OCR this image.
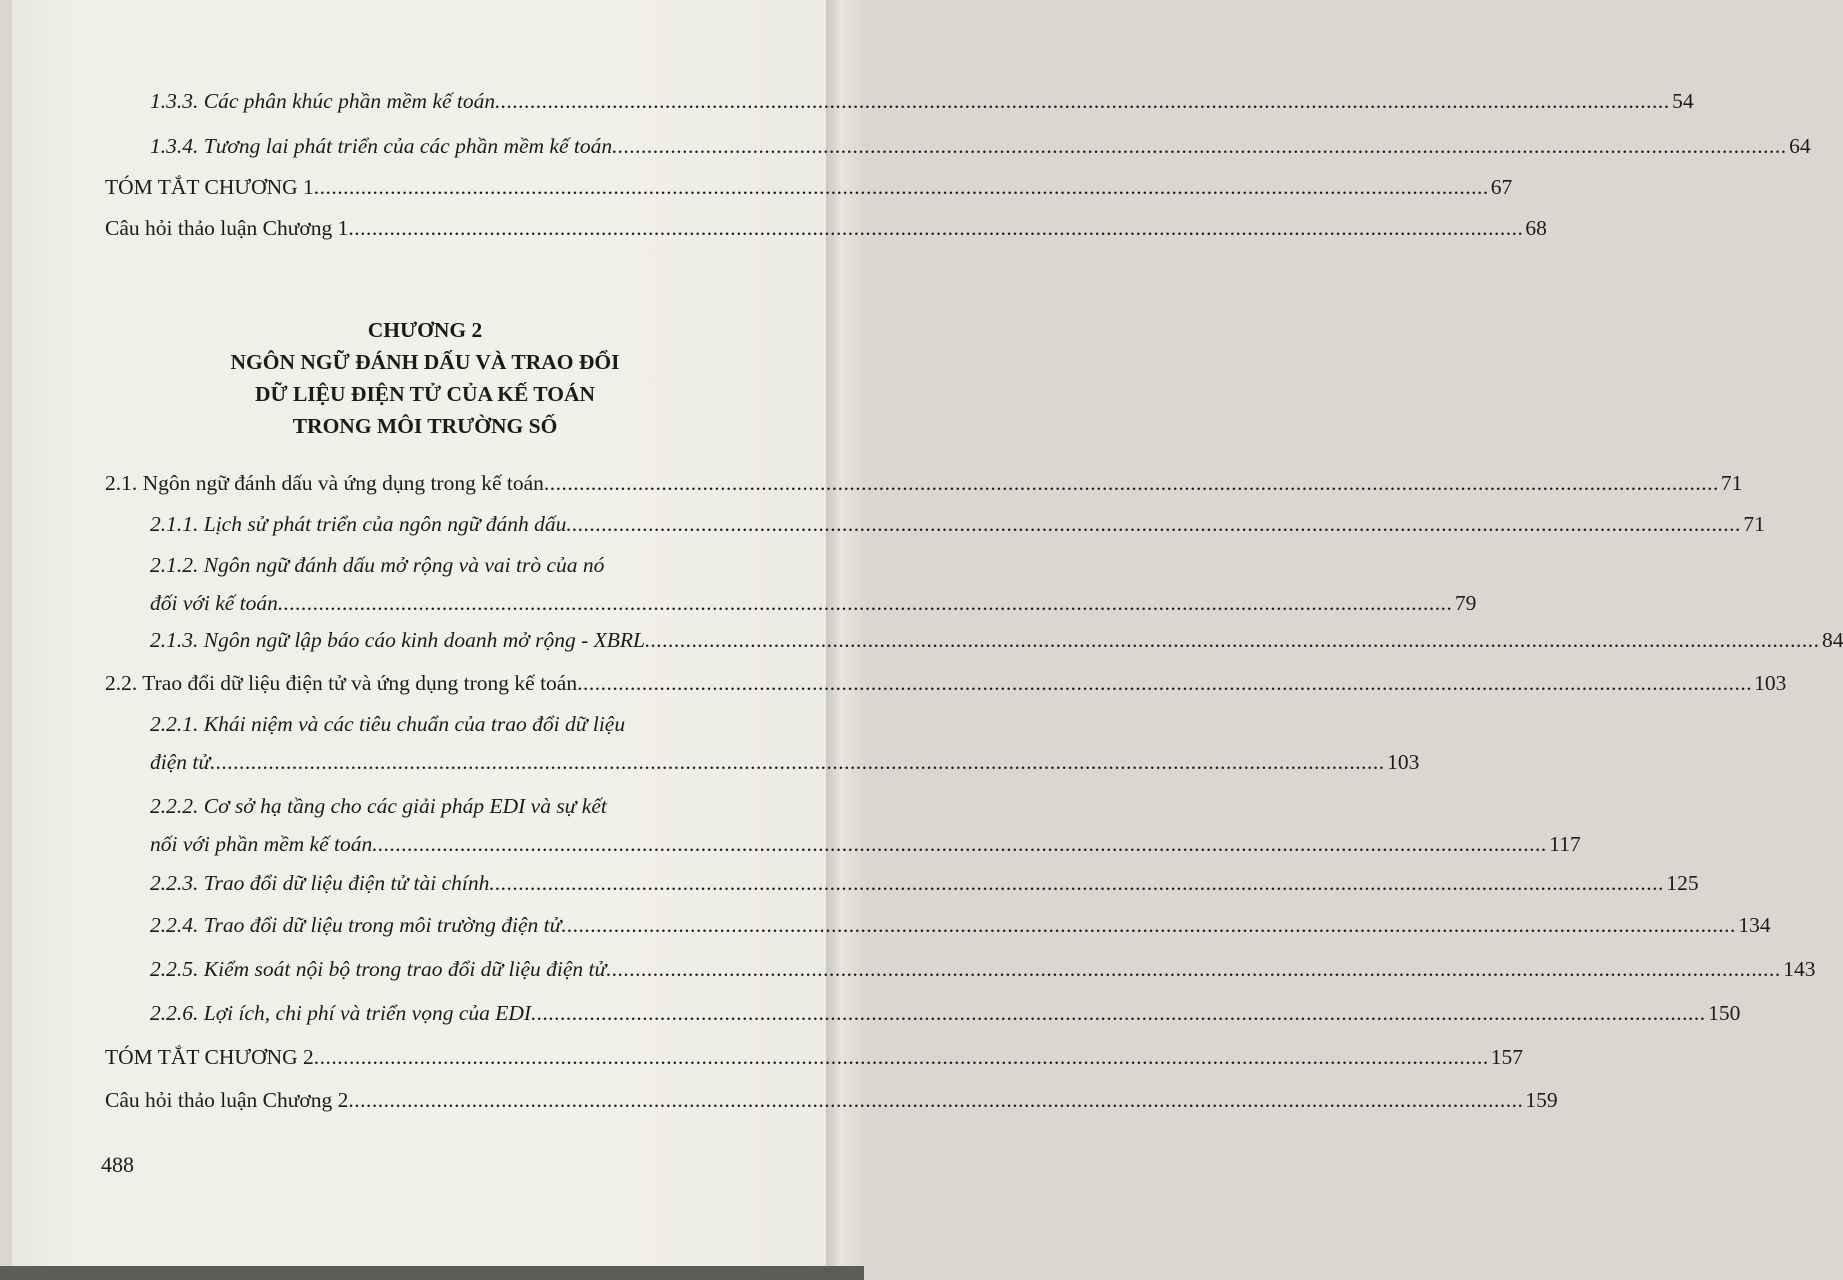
1.3.3. Các phân khúc phần mềm kế toán ........................................................................................................................................................................................................ 54
1.3.4. Tương lai phát triển của các phần mềm kế toán ........................................................................................................................................................................................................ 64
TÓM TẮT CHƯƠNG 1 ........................................................................................................................................................................................................ 67
Câu hỏi thảo luận Chương 1 ........................................................................................................................................................................................................ 68
2.1. Ngôn ngữ đánh dấu và ứng dụng trong kế toán ........................................................................................................................................................................................................ 71
2.1.1. Lịch sử phát triển của ngôn ngữ đánh dấu ........................................................................................................................................................................................................ 71
2.1.2. Ngôn ngữ đánh dấu mở rộng và vai trò của nó
đối với kế toán ........................................................................................................................................................................................................ 79
2.1.3. Ngôn ngữ lập báo cáo kinh doanh mở rộng - XBRL ........................................................................................................................................................................................................ 84
2.2. Trao đổi dữ liệu điện tử và ứng dụng trong kế toán ........................................................................................................................................................................................................ 103
2.2.1. Khái niệm và các tiêu chuẩn của trao đổi dữ liệu
điện tử ........................................................................................................................................................................................................ 103
2.2.2. Cơ sở hạ tầng cho các giải pháp EDI và sự kết
nối với phần mềm kế toán ........................................................................................................................................................................................................ 117
2.2.3. Trao đổi dữ liệu điện tử tài chính ........................................................................................................................................................................................................ 125
2.2.4. Trao đổi dữ liệu trong môi trường điện tử ........................................................................................................................................................................................................ 134
2.2.5. Kiểm soát nội bộ trong trao đổi dữ liệu điện tử ........................................................................................................................................................................................................ 143
2.2.6. Lợi ích, chi phí và triển vọng của EDI ........................................................................................................................................................................................................ 150
TÓM TẮT CHƯƠNG 2 ........................................................................................................................................................................................................ 157
Câu hỏi thảo luận Chương 2 ........................................................................................................................................................................................................ 159
CHƯƠNG 2
NGÔN NGỮ ĐÁNH DẤU VÀ TRAO ĐỔI
DỮ LIỆU ĐIỆN TỬ CỦA KẾ TOÁN
TRONG MÔI TRƯỜNG SỐ
488
